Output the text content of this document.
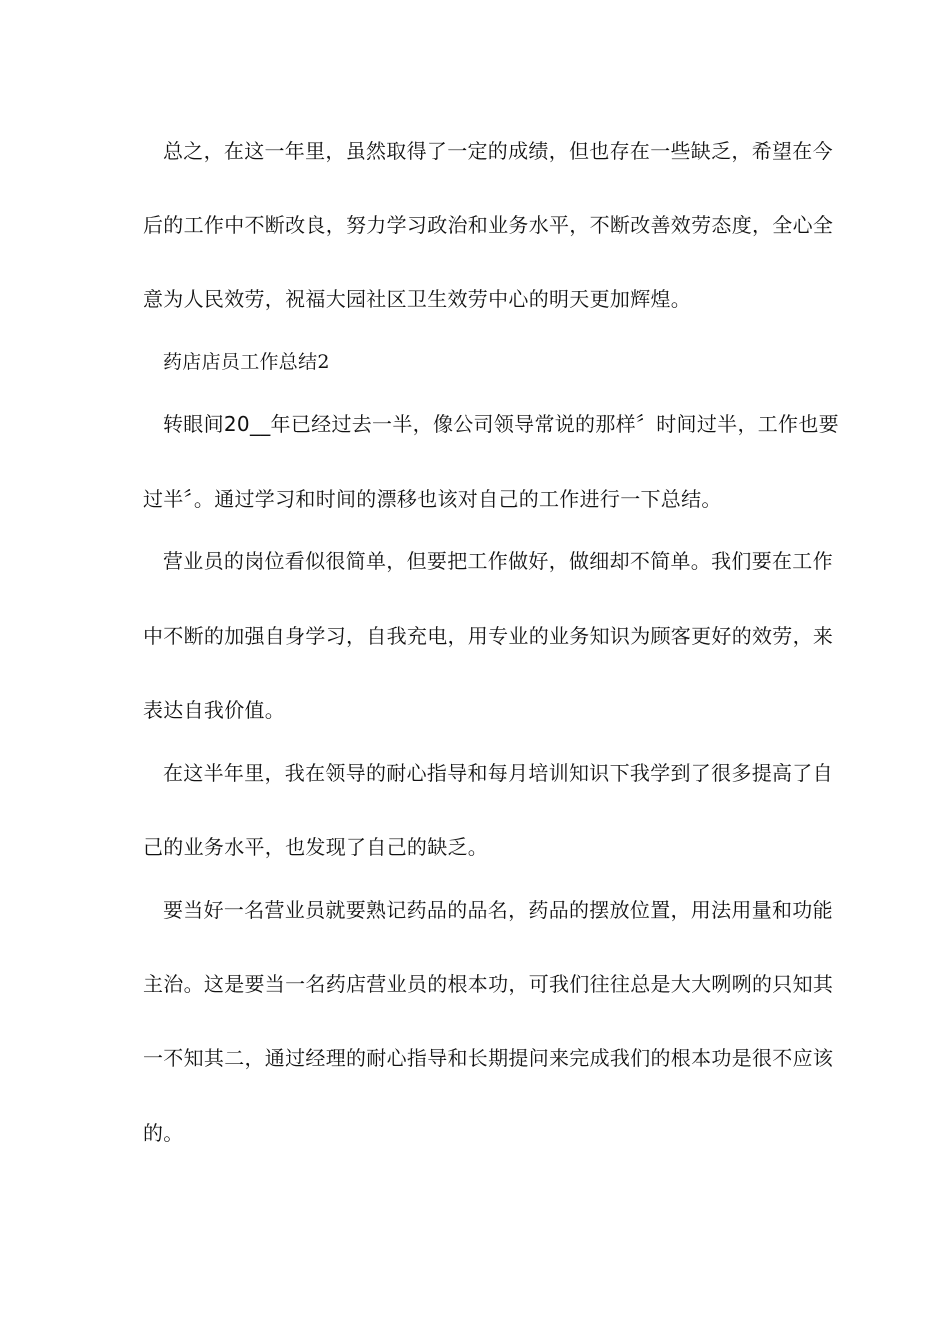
总之，在这一年里，虽然取得了一定的成绩，但也存在一些缺乏，希望在今
后的工作中不断改良，努力学习政治和业务水平，不断改善效劳态度，全心全
意为人民效劳，祝福大园社区卫生效劳中心的明天更加辉煌。
药店店员工作总结2
转眼间20__年已经过去一半，像公司领导常说的那样〞时间过半，工作也要
过半〞。通过学习和时间的漂移也该对自己的工作进行一下总结。
营业员的岗位看似很简单，但要把工作做好，做细却不简单。我们要在工作
中不断的加强自身学习，自我充电，用专业的业务知识为顾客更好的效劳，来
表达自我价值。
在这半年里，我在领导的耐心指导和每月培训知识下我学到了很多提高了自
己的业务水平，也发现了自己的缺乏。
要当好一名营业员就要熟记药品的品名，药品的摆放位置，用法用量和功能
主治。这是要当一名药店营业员的根本功，可我们往往总是大大咧咧的只知其
一不知其二，通过经理的耐心指导和长期提问来完成我们的根本功是很不应该
的。
